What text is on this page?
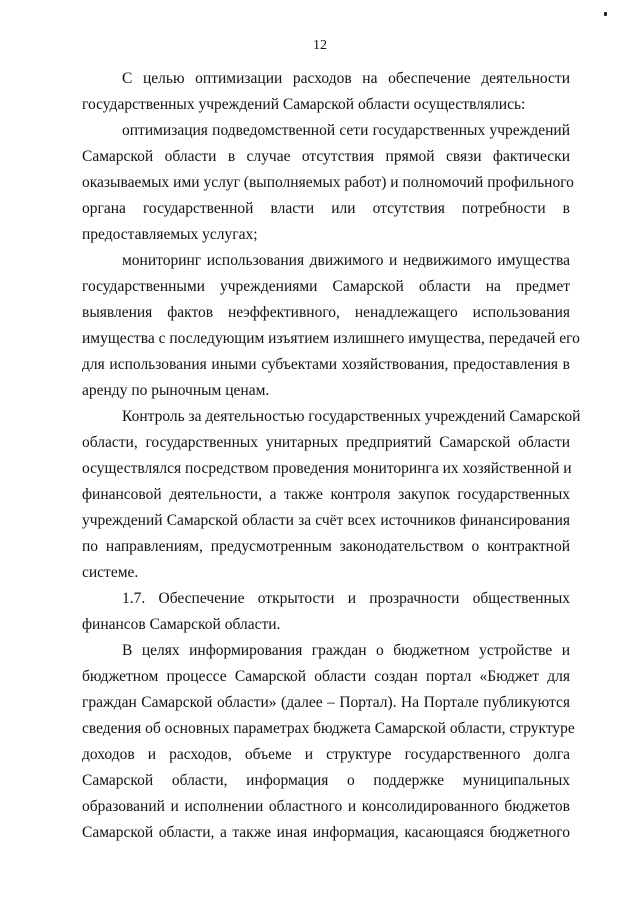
12

С целью оптимизации расходов на обеспечение деятельности
государственных учреждений Самарской области осуществлялись:

оптимизация подведомственной сети государственных учреждений
Самарской области в случае отсутствия прямой связи фактически
оказываемых ими услуг (выполняемых работ) и полномочий профильного
органа государственной власти или отсутствия потребности в
предоставляемых услугах;

мониторинг использования движимого и недвижимого имущества
государственными учреждениями Самарской области на предмет
выявления фактов неэффективного, ненадлежащего использования
имущества с последующим изъятием излишнего имущества, передачей его
для использования иными субъектами хозяйствования, предоставления в
аренду по рыночным ценам.

Контроль за деятельностью государственных учреждений Самарской
области, государственных унитарных предприятий Самарской области
осуществлялся посредством проведения мониторинга их хозяйственной и
финансовой деятельности, а также контроля закупок государственных
учреждений Самарской области за счёт всех источников финансирования
по направлениям, предусмотренным законодательством о контрактной
системе.

1.7. Обеспечение открытости и прозрачности общественных
финансов Самарской области.

В целях информирования граждан о бюджетном устройстве и
бюджетном процессе Самарской области создан портал «Бюджет для
граждан Самарской области» (далее – Портал). На Портале публикуются
сведения об основных параметрах бюджета Самарской области, структуре
доходов и расходов, объеме и структуре государственного долга
Самарской области, информация о поддержке муниципальных
образований и исполнении областного и консолидированного бюджетов
Самарской области, а также иная информация, касающаяся бюджетного
